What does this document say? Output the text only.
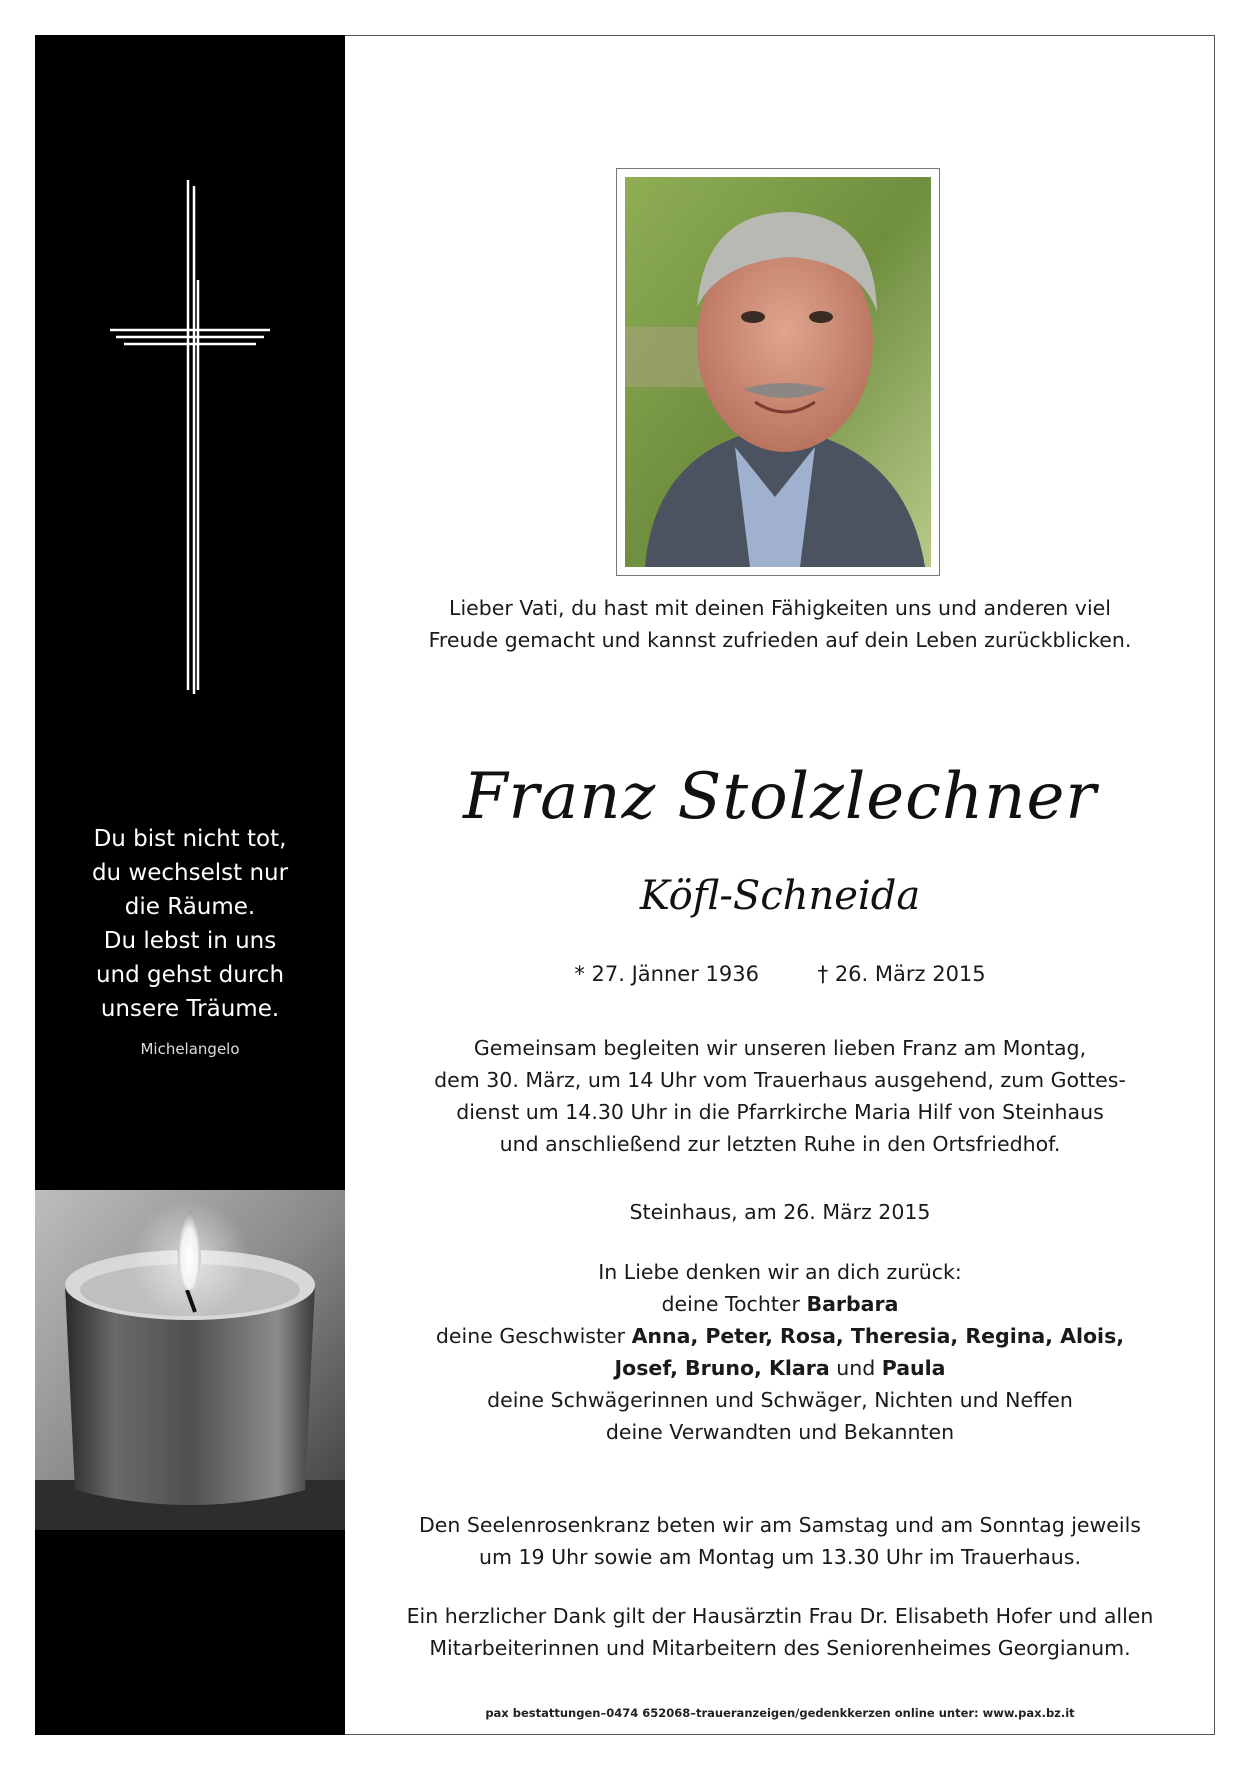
Du bist nicht tot,
du wechselst nur
die Räume.
Du lebst in uns
und gehst durch
unsere Träume.
Michelangelo
Lieber Vati, du hast mit deinen Fähigkeiten uns und anderen viel
Freude gemacht und kannst zufrieden auf dein Leben zurückblicken.
Franz Stolzlechner
Köfl-Schneida
* 27. Jänner 1936	† 26. März 2015
Gemeinsam begleiten wir unseren lieben Franz am Montag,
dem 30. März, um 14 Uhr vom Trauerhaus ausgehend, zum Gottes-
dienst um 14.30 Uhr in die Pfarrkirche Maria Hilf von Steinhaus
und anschließend zur letzten Ruhe in den Ortsfriedhof.
Steinhaus, am 26. März 2015
In Liebe denken wir an dich zurück:
deine Tochter Barbara
deine Geschwister Anna, Peter, Rosa, Theresia, Regina, Alois,
Josef, Bruno, Klara und Paula
deine Schwägerinnen und Schwäger, Nichten und Neffen
deine Verwandten und Bekannten
Den Seelenrosenkranz beten wir am Samstag und am Sonntag jeweils
um 19 Uhr sowie am Montag um 13.30 Uhr im Trauerhaus.
Ein herzlicher Dank gilt der Hausärztin Frau Dr. Elisabeth Hofer und allen
Mitarbeiterinnen und Mitarbeitern des Seniorenheimes Georgianum.
pax bestattungen–0474 652068–traueranzeigen/gedenkkerzen online unter: www.pax.bz.it
